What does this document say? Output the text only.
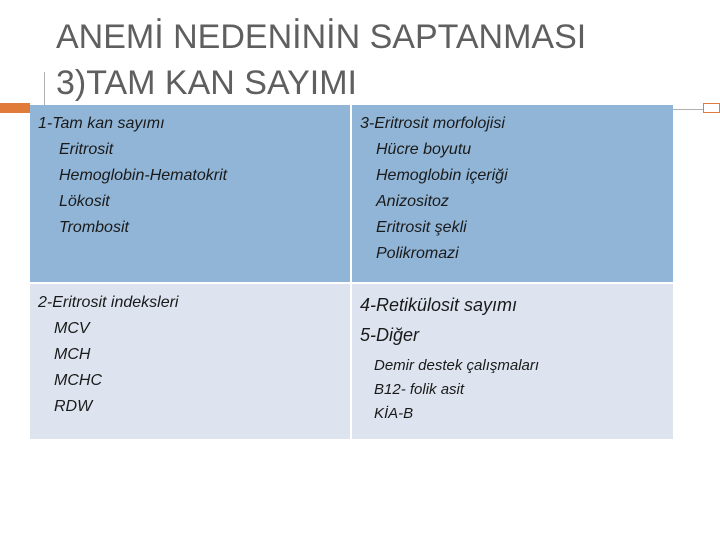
ANEMİ NEDENİNİN SAPTANMASI
3)TAM KAN SAYIMI
1-Tam kan sayımı
Eritrosit
Hemoglobin-Hematokrit
Lökosit
Trombosit
3-Eritrosit morfolojisi
Hücre boyutu
Hemoglobin içeriği
Anizositoz
Eritrosit şekli
Polikromazi
2-Eritrosit indeksleri
MCV
MCH
MCHC
RDW
4-Retikülosit sayımı
5-Diğer
Demir destek çalışmaları
B12- folik asit
KİA-B
